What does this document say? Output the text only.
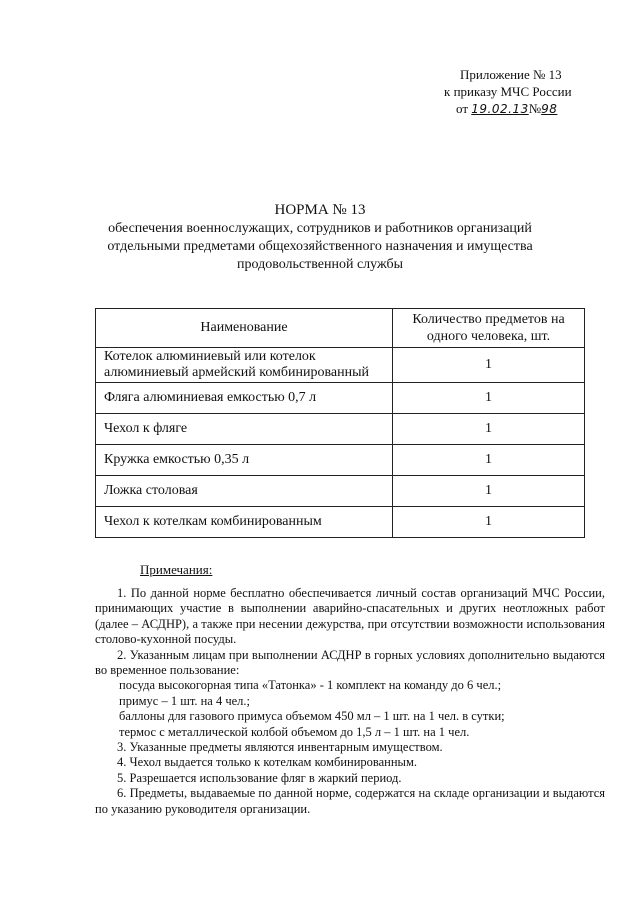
Приложение № 13
к приказу МЧС России
от 19.02.13№98
НОРМА № 13
обеспечения военнослужащих, сотрудников и работников организаций
отдельными предметами общехозяйственного назначения и имущества
продовольственной службы
Наименование	Количество предметов на одного человека, шт.
Котелок алюминиевый или котелок алюминиевый армейский комбинированный	1
Фляга алюминиевая емкостью 0,7 л	1
Чехол к фляге	1
Кружка емкостью 0,35 л	1
Ложка столовая	1
Чехол к котелкам комбинированным	1
Примечания:

1. По данной норме бесплатно обеспечивается личный состав организаций МЧС России, принимающих участие в выполнении аварийно-спасательных и других неотложных работ (далее – АСДНР), а также при несении дежурства, при отсутствии возможности использования столово-кухонной посуды.

2. Указанным лицам при выполнении АСДНР в горных условиях дополнительно выдаются во временное пользование:

посуда высокогорная типа «Татонка» - 1 комплект на команду до 6 чел.;

примус – 1 шт. на 4 чел.;

баллоны для газового примуса объемом 450 мл – 1 шт. на 1 чел. в сутки;

термос с металлической колбой объемом до 1,5 л – 1 шт. на 1 чел.

3. Указанные предметы являются инвентарным имуществом.

4. Чехол выдается только к котелкам комбинированным.

5. Разрешается использование фляг в жаркий период.

6. Предметы, выдаваемые по данной норме, содержатся на складе организации и выдаются по указанию руководителя организации.
